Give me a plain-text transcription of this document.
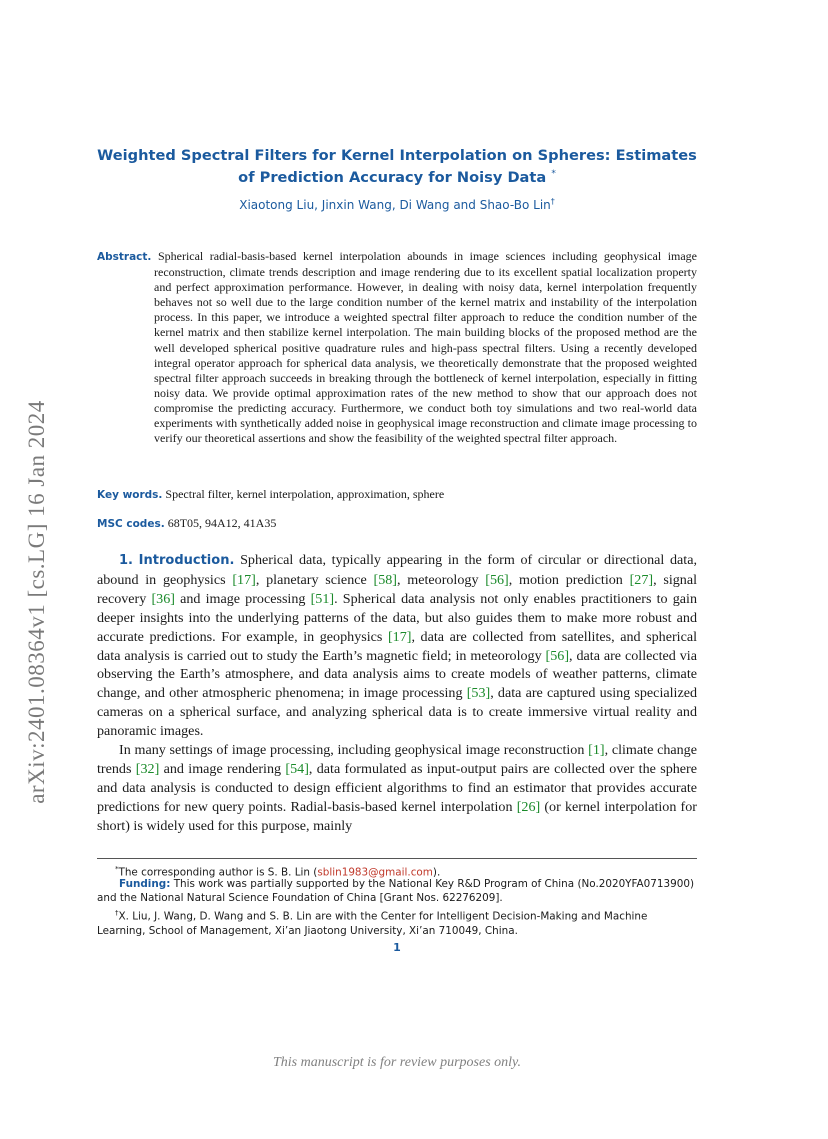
arXiv:2401.08364v1 [cs.LG] 16 Jan 2024
Weighted Spectral Filters for Kernel Interpolation on Spheres: Estimates of Prediction Accuracy for Noisy Data *
Xiaotong Liu, Jinxin Wang, Di Wang and Shao-Bo Lin†
Abstract. Spherical radial-basis-based kernel interpolation abounds in image sciences including geophysical image reconstruction, climate trends description and image rendering due to its excellent spatial localization property and perfect approximation performance. However, in dealing with noisy data, kernel interpolation frequently behaves not so well due to the large condition number of the kernel matrix and instability of the interpolation process. In this paper, we introduce a weighted spectral filter approach to reduce the condition number of the kernel matrix and then stabilize kernel interpolation. The main building blocks of the proposed method are the well developed spherical positive quadrature rules and high-pass spectral filters. Using a recently developed integral operator approach for spherical data analysis, we theoretically demonstrate that the proposed weighted spectral filter approach succeeds in breaking through the bottleneck of kernel interpolation, especially in fitting noisy data. We provide optimal approximation rates of the new method to show that our approach does not compromise the predicting accuracy. Furthermore, we conduct both toy simulations and two real-world data experiments with synthetically added noise in geophysical image reconstruction and climate image processing to verify our theoretical assertions and show the feasibility of the weighted spectral filter approach.
Key words. Spectral filter, kernel interpolation, approximation, sphere
MSC codes. 68T05, 94A12, 41A35

1. Introduction. Spherical data, typically appearing in the form of circular or directional data, abound in geophysics [17], planetary science [58], meteorology [56], motion prediction [27], signal recovery [36] and image processing [51]. Spherical data analysis not only enables practitioners to gain deeper insights into the underlying patterns of the data, but also guides them to make more robust and accurate predictions. For example, in geophysics [17], data are collected from satellites, and spherical data analysis is carried out to study the Earth’s magnetic field; in meteorology [56], data are collected via observing the Earth’s atmosphere, and data analysis aims to create models of weather patterns, climate change, and other atmospheric phenomena; in image processing [53], data are captured using specialized cameras on a spherical surface, and analyzing spherical data is to create immersive virtual reality and panoramic images.

In many settings of image processing, including geophysical image reconstruction [1], climate change trends [32] and image rendering [54], data formulated as input-output pairs are collected over the sphere and data analysis is conducted to design efficient algorithms to find an estimator that provides accurate predictions for new query points. Radial-basis-based kernel interpolation [26] (or kernel interpolation for short) is widely used for this purpose, mainly

*The corresponding author is S. B. Lin (sblin1983@gmail.com).
Funding: This work was partially supported by the National Key R&D Program of China (No.2020YFA0713900) and the National Natural Science Foundation of China [Grant Nos. 62276209].
†X. Liu, J. Wang, D. Wang and S. B. Lin are with the Center for Intelligent Decision-Making and Machine Learning, School of Management, Xi’an Jiaotong University, Xi’an 710049, China.
1
This manuscript is for review purposes only.
